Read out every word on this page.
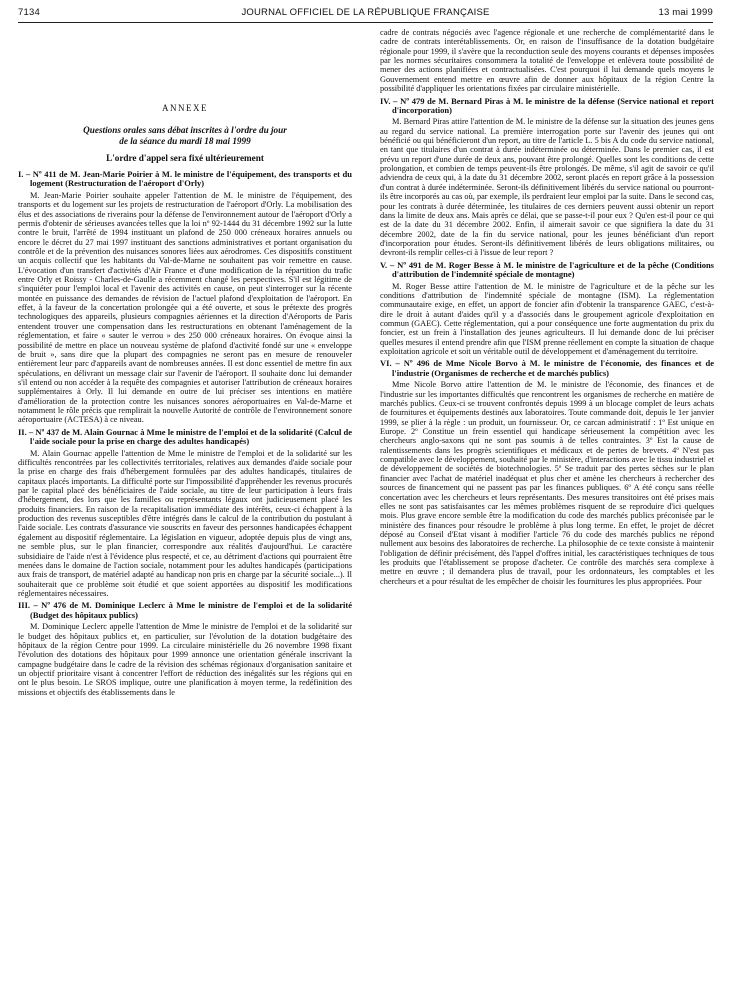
7134	JOURNAL OFFICIEL DE LA RÉPUBLIQUE FRANÇAISE	13 mai 1999
ANNEXE
Questions orales sans débat inscrites à l'ordre du jour
de la séance du mardi 18 mai 1999
L'ordre d'appel sera fixé ultérieurement
I. – Nº 411 de M. Jean-Marie Poirier à M. le ministre de l'équipement, des transports et du logement (Restructuration de l'aéroport d'Orly)

M. Jean-Marie Poirier souhaite appeler l'attention de M. le ministre de l'équipement, des transports et du logement sur les projets de restructuration de l'aéroport d'Orly. La mobilisation des élus et des associations de riverains pour la défense de l'environnement autour de l'aéroport d'Orly a permis d'obtenir de sérieuses avancées telles que la loi nº 92-1444 du 31 décembre 1992 sur la lutte contre le bruit, l'arrêté de 1994 instituant un plafond de 250 000 créneaux horaires annuels ou encore le décret du 27 mai 1997 instituant des sanctions administratives et portant organisation du contrôle et de la prévention des nuisances sonores liées aux aérodromes. Ces dispositifs constituent un acquis collectif que les habitants du Val-de-Marne ne souhaitent pas voir remettre en cause. L'évocation d'un transfert d'activités d'Air France et d'une modification de la répartition du trafic entre Orly et Roissy - Charles-de-Gaulle a récemment changé les perspectives. S'il est légitime de s'inquiéter pour l'emploi local et l'avenir des activités en cause, on peut s'interroger sur la récente montée en puissance des demandes de révision de l'actuel plafond d'exploitation de l'aéroport. En effet, à la faveur de la concertation prolongée qui a été ouverte, et sous le prétexte des progrès technologiques des appareils, plusieurs compagnies aériennes et la direction d'Aéroports de Paris entendent trouver une compensation dans les restructurations en obtenant l'aménagement de la réglementation, et faire « sauter le verrou » des 250 000 créneaux horaires. On évoque ainsi la possibilité de mettre en place un nouveau système de plafond d'activité fondé sur une « enveloppe de bruit », sans dire que la plupart des compagnies ne seront pas en mesure de renouveler entièrement leur parc d'appareils avant de nombreuses années. Il est donc essentiel de mettre fin aux spéculations, en délivrant un message clair sur l'avenir de l'aéroport. Il souhaite donc lui demander s'il entend ou non accéder à la requête des compagnies et autoriser l'attribution de créneaux horaires supplémentaires à Orly. Il lui demande en outre de lui préciser ses intentions en matière d'amélioration de la protection contre les nuisances sonores aéroportuaires en Val-de-Marne et notamment le rôle précis que remplirait la nouvelle Autorité de contrôle de l'environnement sonore aéroportuaire (ACTESA) à ce niveau.

II. – Nº 437 de M. Alain Gournac à Mme le ministre de l'emploi et de la solidarité (Calcul de l'aide sociale pour la prise en charge des adultes handicapés)

M. Alain Gournac appelle l'attention de Mme le ministre de l'emploi et de la solidarité sur les difficultés rencontrées par les collectivités territoriales, relatives aux demandes d'aide sociale pour la prise en charge des frais d'hébergement formulées par des adultes handicapés, titulaires de capitaux placés importants. La difficulté porte sur l'impossibilité d'appréhender les revenus procurés par le capital placé des bénéficiaires de l'aide sociale, au titre de leur participation à leurs frais d'hébergement, des lors que les familles ou représentants légaux ont judicieusement placé les produits financiers. En raison de la recapitalisation immédiate des intérêts, ceux-ci échappent à la production des revenus susceptibles d'être intégrés dans le calcul de la contribution du postulant à l'aide sociale. Les contrats d'assurance vie souscrits en faveur des personnes handicapées échappent également au dispositif réglementaire. La législation en vigueur, adoptée depuis plus de vingt ans, ne semble plus, sur le plan financier, correspondre aux réalités d'aujourd'hui. Le caractère subsidiaire de l'aide n'est à l'évidence plus respecté, et ce, au détriment d'actions qui pourraient être menées dans le domaine de l'action sociale, notamment pour les adultes handicapés (participations aux frais de transport, de matériel adapté au handicap non pris en charge par la sécurité sociale...). Il souhaiterait que ce problème soit étudié et que soient apportées au dispositif les modifications réglementaires nécessaires.

III. – Nº 476 de M. Dominique Leclerc à Mme le ministre de l'emploi et de la solidarité (Budget des hôpitaux publics)

M. Dominique Leclerc appelle l'attention de Mme le ministre de l'emploi et de la solidarité sur le budget des hôpitaux publics et, en particulier, sur l'évolution de la dotation budgétaire des hôpitaux de la région Centre pour 1999. La circulaire ministérielle du 26 novembre 1998 fixant l'évolution des dotations des hôpitaux pour 1999 annonce une orientation générale inscrivant la campagne budgétaire dans le cadre de la révision des schémas régionaux d'organisation sanitaire et un objectif prioritaire visant à concentrer l'effort de réduction des inégalités sur les régions qui en ont le plus besoin. Le SROS implique, outre une planification à moyen terme, la redéfinition des missions et objectifs des établissements dans le

cadre de contrats négociés avec l'agence régionale et une recherche de complémentarité dans le cadre de contrats interétablissements. Or, en raison de l'insuffisance de la dotation budgétaire régionale pour 1999, il s'avère que la reconduction seule des moyens courants et dépenses imposées par les normes sécuritaires consommera la totalité de l'enveloppe et enlèvera toute possibilité de mener des actions planifiées et contractualisées. C'est pourquoi il lui demande quels moyens le Gouvernement entend mettre en œuvre afin de donner aux hôpitaux de la région Centre la possibilité d'appliquer les orientations fixées par circulaire ministérielle.

IV. – Nº 479 de M. Bernard Piras à M. le ministre de la défense (Service national et report d'incorporation)

M. Bernard Piras attire l'attention de M. le ministre de la défense sur la situation des jeunes gens au regard du service national. La première interrogation porte sur l'avenir des jeunes qui ont bénéficié ou qui bénéficieront d'un report, au titre de l'article L. 5 bis A du code du service national, en tant que titulaires d'un contrat à durée indéterminée ou déterminée. Dans le premier cas, il est prévu un report d'une durée de deux ans, pouvant être prolongé. Quelles sont les conditions de cette prolongation, et combien de temps peuvent-ils être prolongés. De même, s'il agit de savoir ce qu'il adviendra de ceux qui, à la date du 31 décembre 2002, seront placés en report grâce à la possession d'un contrat à durée indéterminée. Seront-ils définitivement libérés du service national ou pourront-ils être incorporés au cas où, par exemple, ils perdraient leur emploi par la suite. Dans le second cas, pour les contrats à durée déterminée, les titulaires de ces derniers peuvent aussi obtenir un report dans la limite de deux ans. Mais après ce délai, que se passe-t-il pour eux ? Qu'en est-il pour ce qui est de la date du 31 décembre 2002. Enfin, il aimerait savoir ce que signifiera la date du 31 décembre 2002, date de la fin du service national, pour les jeunes bénéficiant d'un report d'incorporation pour études. Seront-ils définitivement libérés de leurs obligations militaires, ou devront-ils remplir celles-ci à l'issue de leur report ?

V. – Nº 491 de M. Roger Besse à M. le ministre de l'agriculture et de la pêche (Conditions d'attribution de l'indemnité spéciale de montagne)

M. Roger Besse attire l'attention de M. le ministre de l'agriculture et de la pêche sur les conditions d'attribution de l'indemnité spéciale de montagne (ISM). La réglementation communautaire exige, en effet, un apport de foncier afin d'obtenir la transparence GAEC, c'est-à-dire le droit à autant d'aides qu'il y a d'associés dans le groupement agricole d'exploitation en commun (GAEC). Cette réglementation, qui a pour conséquence une forte augmentation du prix du foncier, est un frein à l'installation des jeunes agriculteurs. Il lui demande donc de lui préciser quelles mesures il entend prendre afin que l'ISM prenne réellement en compte la situation de chaque exploitation agricole et soit un véritable outil de développement et d'aménagement du territoire.

VI. – Nº 496 de Mme Nicole Borvo à M. le ministre de l'économie, des finances et de l'industrie (Organismes de recherche et de marchés publics)

Mme Nicole Borvo attire l'attention de M. le ministre de l'économie, des finances et de l'industrie sur les importantes difficultés que rencontrent les organismes de recherche en matière de marchés publics. Ceux-ci se trouvent confrontés depuis 1999 à un blocage complet de leurs achats de fournitures et équipements destinés aux laboratoires. Toute commande doit, depuis le 1er janvier 1999, se plier à la règle : un produit, un fournisseur. Or, ce carcan administratif : 1º Est unique en Europe. 2º Constitue un frein essentiel qui handicape sérieusement la compétition avec les chercheurs anglo-saxons qui ne sont pas soumis à de telles contraintes. 3º Est la cause de ralentissements dans les progrès scientifiques et médicaux et de pertes de brevets. 4º N'est pas compatible avec le développement, souhaité par le ministère, d'interactions avec le tissu industriel et de développement de sociétés de biotechnologies. 5º Se traduit par des pertes sèches sur le plan financier avec l'achat de matériel inadéquat et plus cher et amène les chercheurs à rechercher des sources de financement qui ne passent pas par les finances publiques. 6º A été conçu sans réelle concertation avec les chercheurs et leurs représentants. Des mesures transitoires ont été prises mais elles ne sont pas satisfaisantes car les mêmes problèmes risquent de se reproduire d'ici quelques mois. Plus grave encore semble être la modification du code des marchés publics préconisée par le ministère des finances pour résoudre le problème à plus long terme. En effet, le projet de décret déposé au Conseil d'Etat visant à modifier l'article 76 du code des marchés publics ne répond nullement aux besoins des laboratoires de recherche. La philosophie de ce texte consiste à maintenir l'obligation de définir précisément, dès l'appel d'offres initial, les caractéristiques techniques de tous les produits que l'établissement se propose d'acheter. Ce contrôle des marchés sera complexe à mettre en œuvre ; il demandera plus de travail, pour les ordonnateurs, les comptables et les chercheurs et a pour résultat de les empêcher de choisir les fournitures les plus appropriées. Pour
